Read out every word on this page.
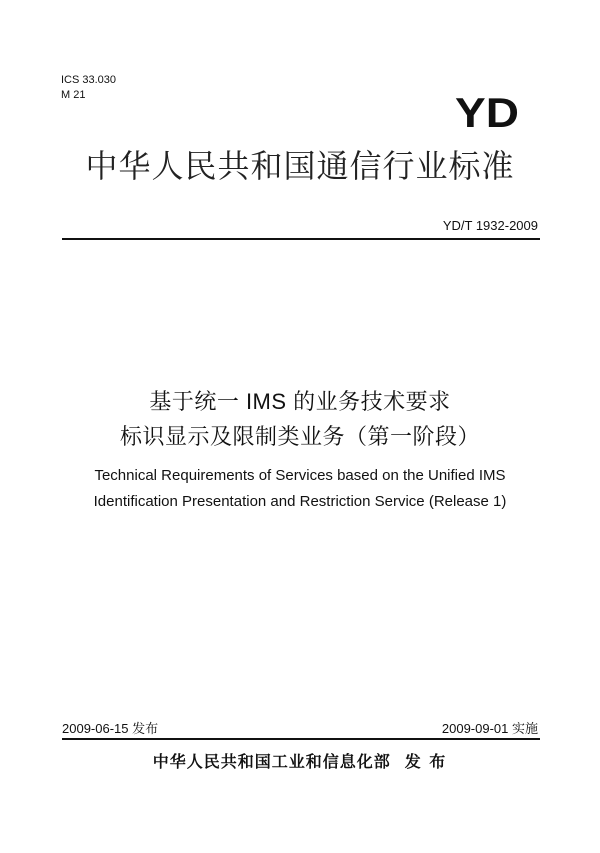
ICS 33.030
M 21	YD
中华人民共和国通信行业标准
YD/T 1932-2009
基于统一 IMS 的业务技术要求
标识显示及限制类业务（第一阶段）
Technical Requirements of Services based on the Unified IMS
Identification Presentation and Restriction Service (Release 1)
2009-06-15 发布	2009-09-01 实施
中华人民共和国工业和信息化部 发 布
